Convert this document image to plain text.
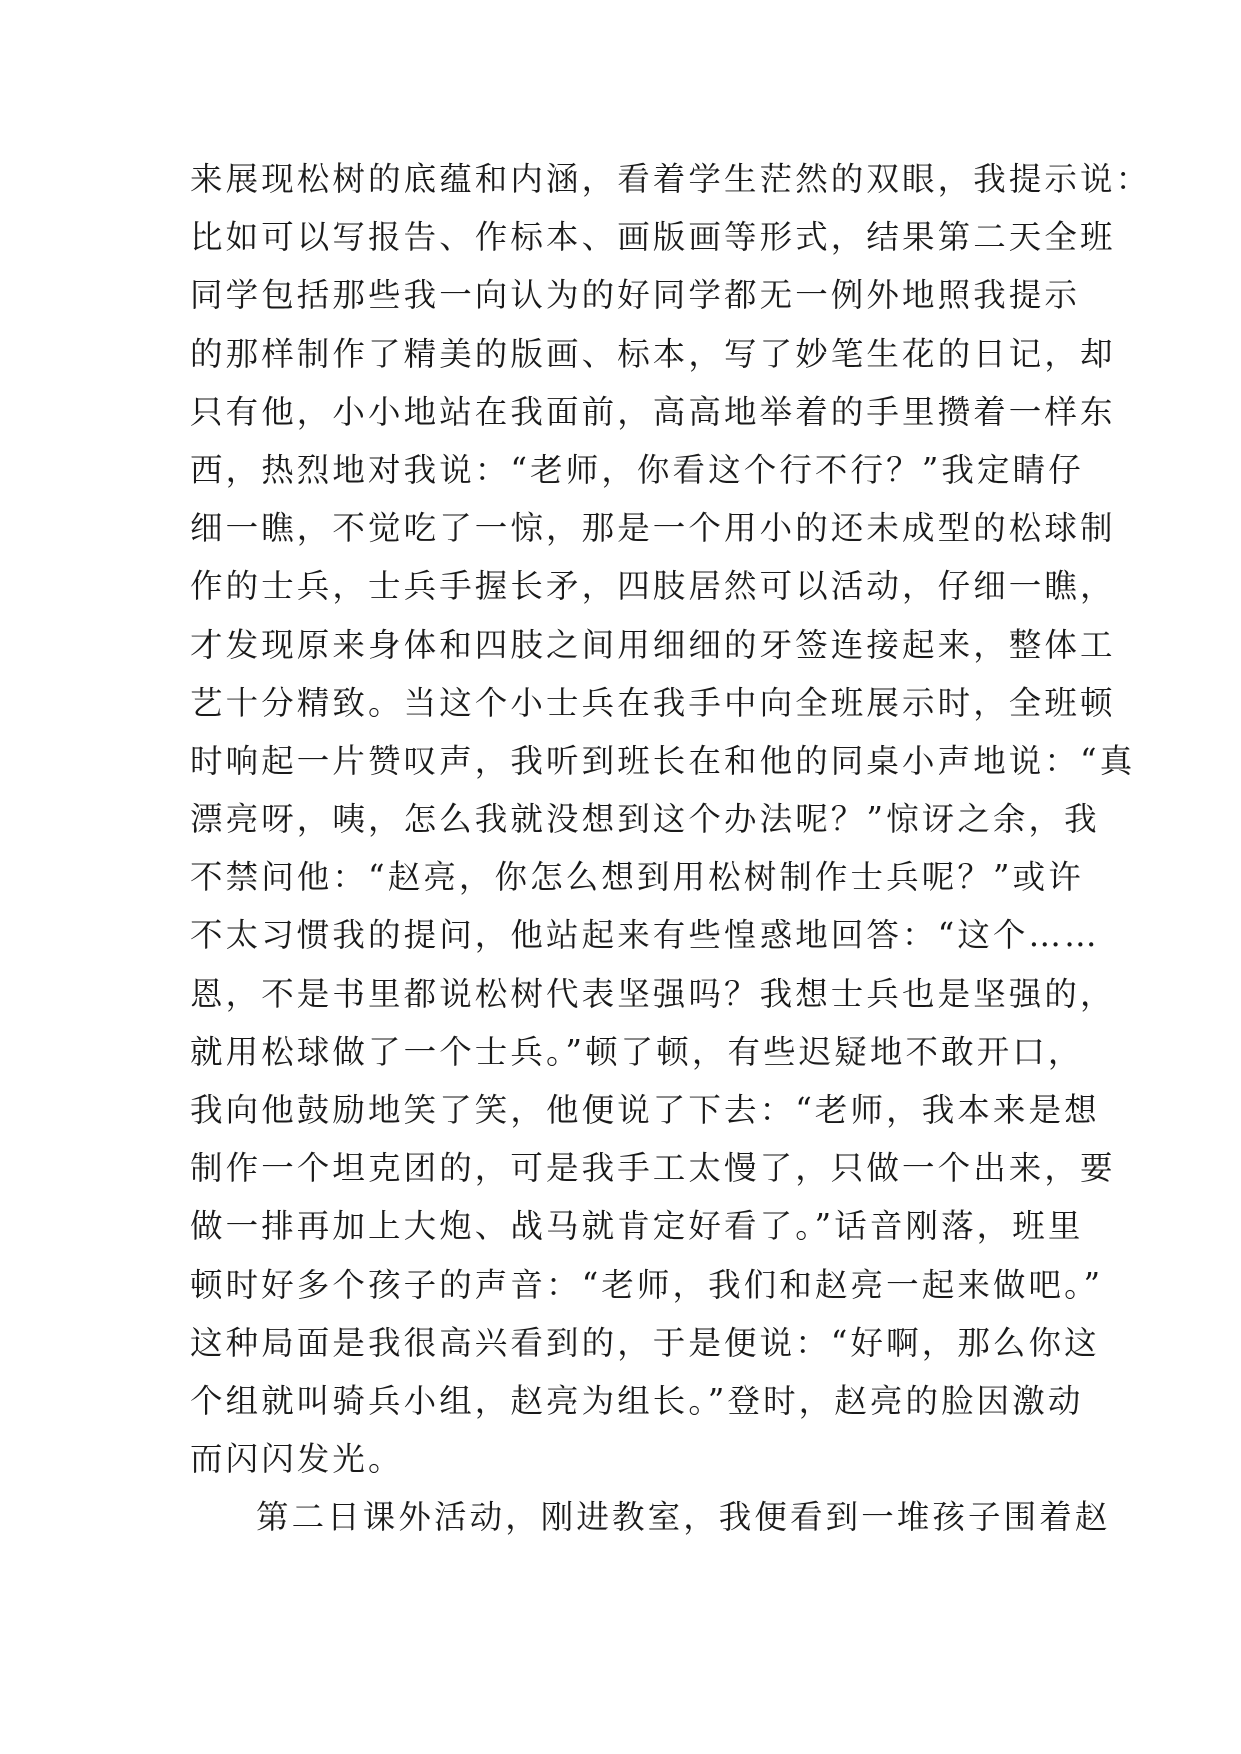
来展现松树的底蕴和内涵，看着学生茫然的双眼，我提示说：
比如可以写报告、作标本、画版画等形式，结果第二天全班
同学包括那些我一向认为的好同学都无一例外地照我提示
的那样制作了精美的版画、标本，写了妙笔生花的日记，却
只有他，小小地站在我面前，高高地举着的手里攒着一样东
西，热烈地对我说：“老师，你看这个行不行？”我定睛仔
细一瞧，不觉吃了一惊，那是一个用小的还未成型的松球制
作的士兵，士兵手握长矛，四肢居然可以活动，仔细一瞧，
才发现原来身体和四肢之间用细细的牙签连接起来，整体工
艺十分精致。当这个小士兵在我手中向全班展示时，全班顿
时响起一片赞叹声，我听到班长在和他的同桌小声地说：“真
漂亮呀，咦，怎么我就没想到这个办法呢？”惊讶之余，我
不禁问他：“赵亮，你怎么想到用松树制作士兵呢？”或许
不太习惯我的提问，他站起来有些惶惑地回答：“这个……
恩，不是书里都说松树代表坚强吗？我想士兵也是坚强的，
就用松球做了一个士兵。”顿了顿，有些迟疑地不敢开口，
我向他鼓励地笑了笑，他便说了下去：“老师，我本来是想
制作一个坦克团的，可是我手工太慢了，只做一个出来，要
做一排再加上大炮、战马就肯定好看了。”话音刚落，班里
顿时好多个孩子的声音：“老师，我们和赵亮一起来做吧。”
这种局面是我很高兴看到的，于是便说：“好啊，那么你这
个组就叫骑兵小组，赵亮为组长。”登时，赵亮的脸因激动
而闪闪发光。
第二日课外活动，刚进教室，我便看到一堆孩子围着赵
